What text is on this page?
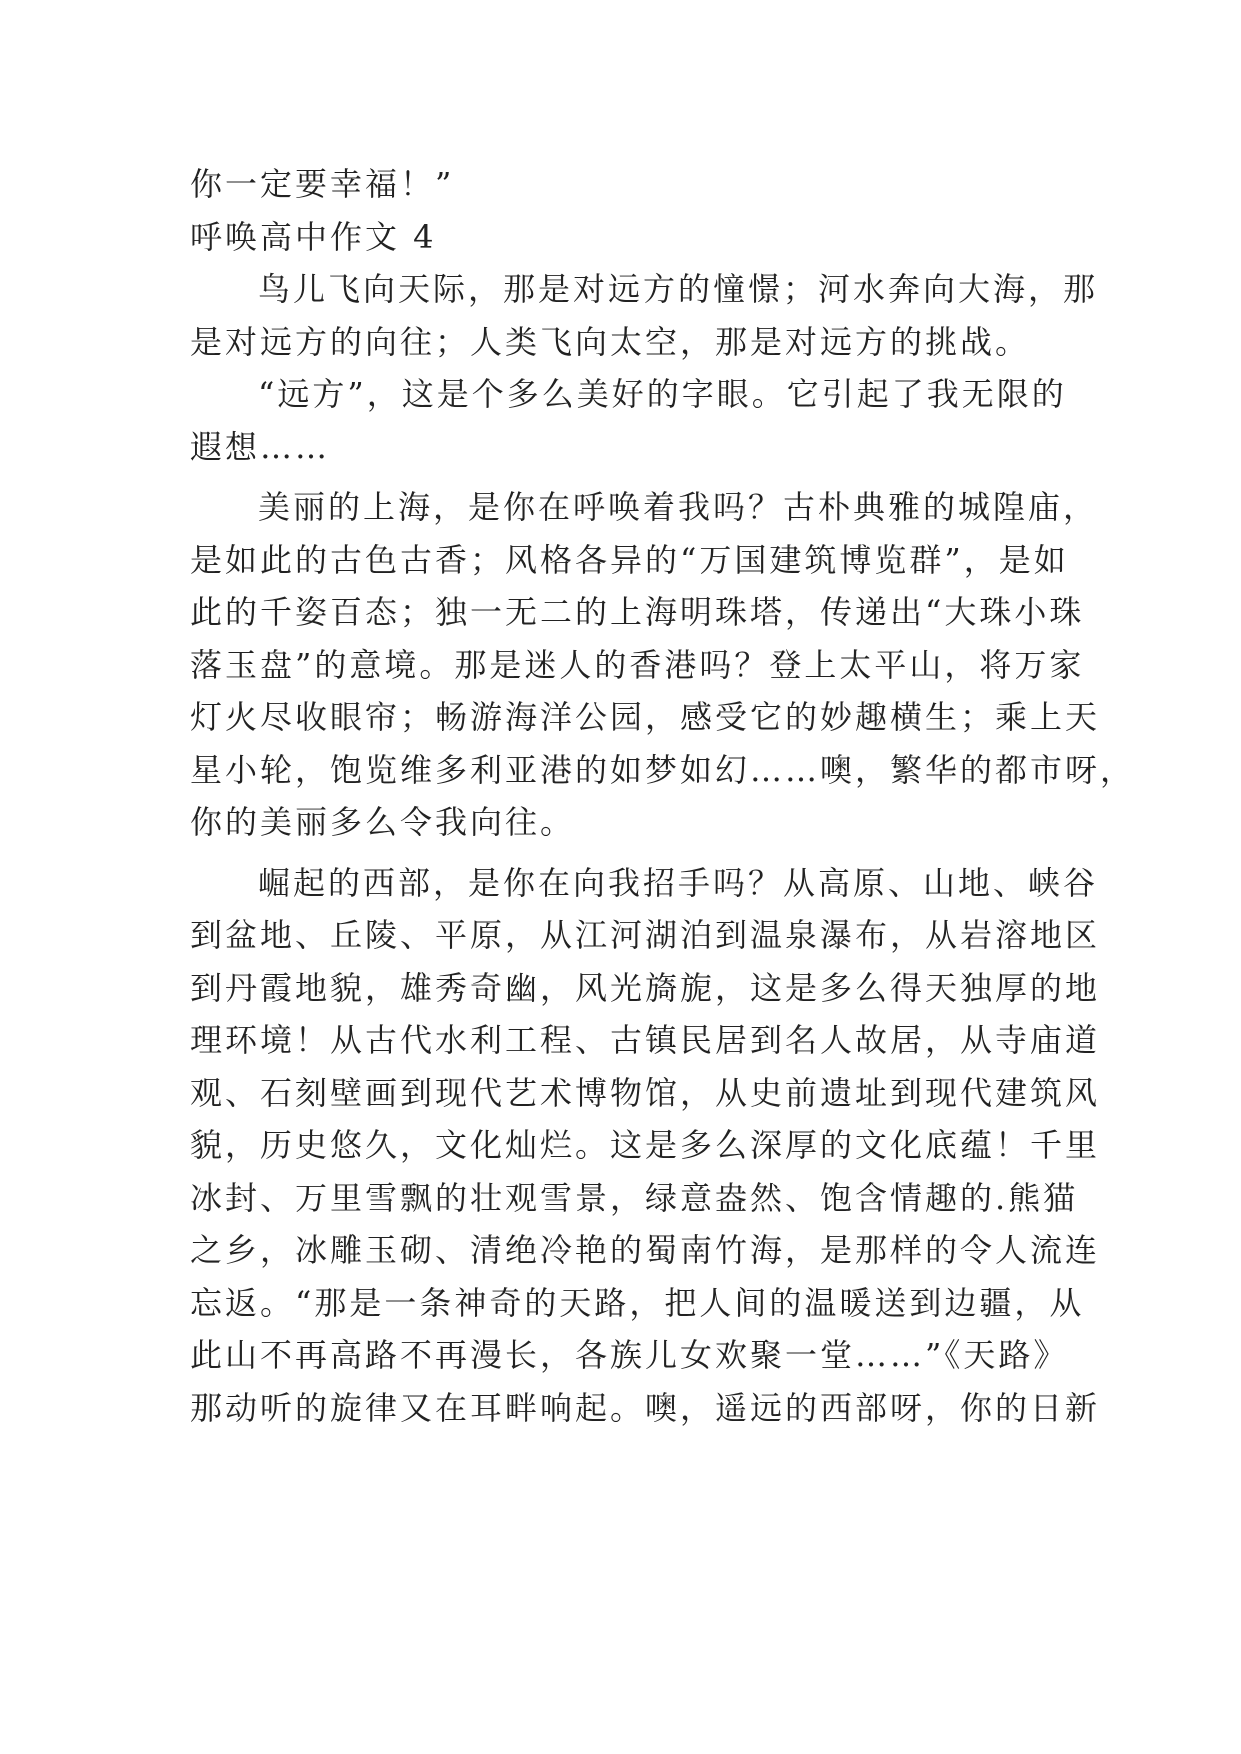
你一定要幸福！”
呼唤高中作文 4
鸟儿飞向天际，那是对远方的憧憬；河水奔向大海，那
是对远方的向往；人类飞向太空，那是对远方的挑战。
“远方”，这是个多么美好的字眼。它引起了我无限的
遐想……
美丽的上海，是你在呼唤着我吗？古朴典雅的城隍庙，
是如此的古色古香；风格各异的“万国建筑博览群”，是如
此的千姿百态；独一无二的上海明珠塔，传递出“大珠小珠
落玉盘”的意境。那是迷人的香港吗？登上太平山，将万家
灯火尽收眼帘；畅游海洋公园，感受它的妙趣横生；乘上天
星小轮，饱览维多利亚港的如梦如幻……噢，繁华的都市呀，
你的美丽多么令我向往。
崛起的西部，是你在向我招手吗？从高原、山地、峡谷
到盆地、丘陵、平原，从江河湖泊到温泉瀑布，从岩溶地区
到丹霞地貌，雄秀奇幽，风光旖旎，这是多么得天独厚的地
理环境！从古代水利工程、古镇民居到名人故居，从寺庙道
观、石刻壁画到现代艺术博物馆，从史前遗址到现代建筑风
貌，历史悠久，文化灿烂。这是多么深厚的文化底蕴！千里
冰封、万里雪飘的壮观雪景，绿意盎然、饱含情趣的.熊猫
之乡，冰雕玉砌、清绝冷艳的蜀南竹海，是那样的令人流连
忘返。“那是一条神奇的天路，把人间的温暖送到边疆，从
此山不再高路不再漫长，各族儿女欢聚一堂……”《天路》
那动听的旋律又在耳畔响起。噢，遥远的西部呀，你的日新
